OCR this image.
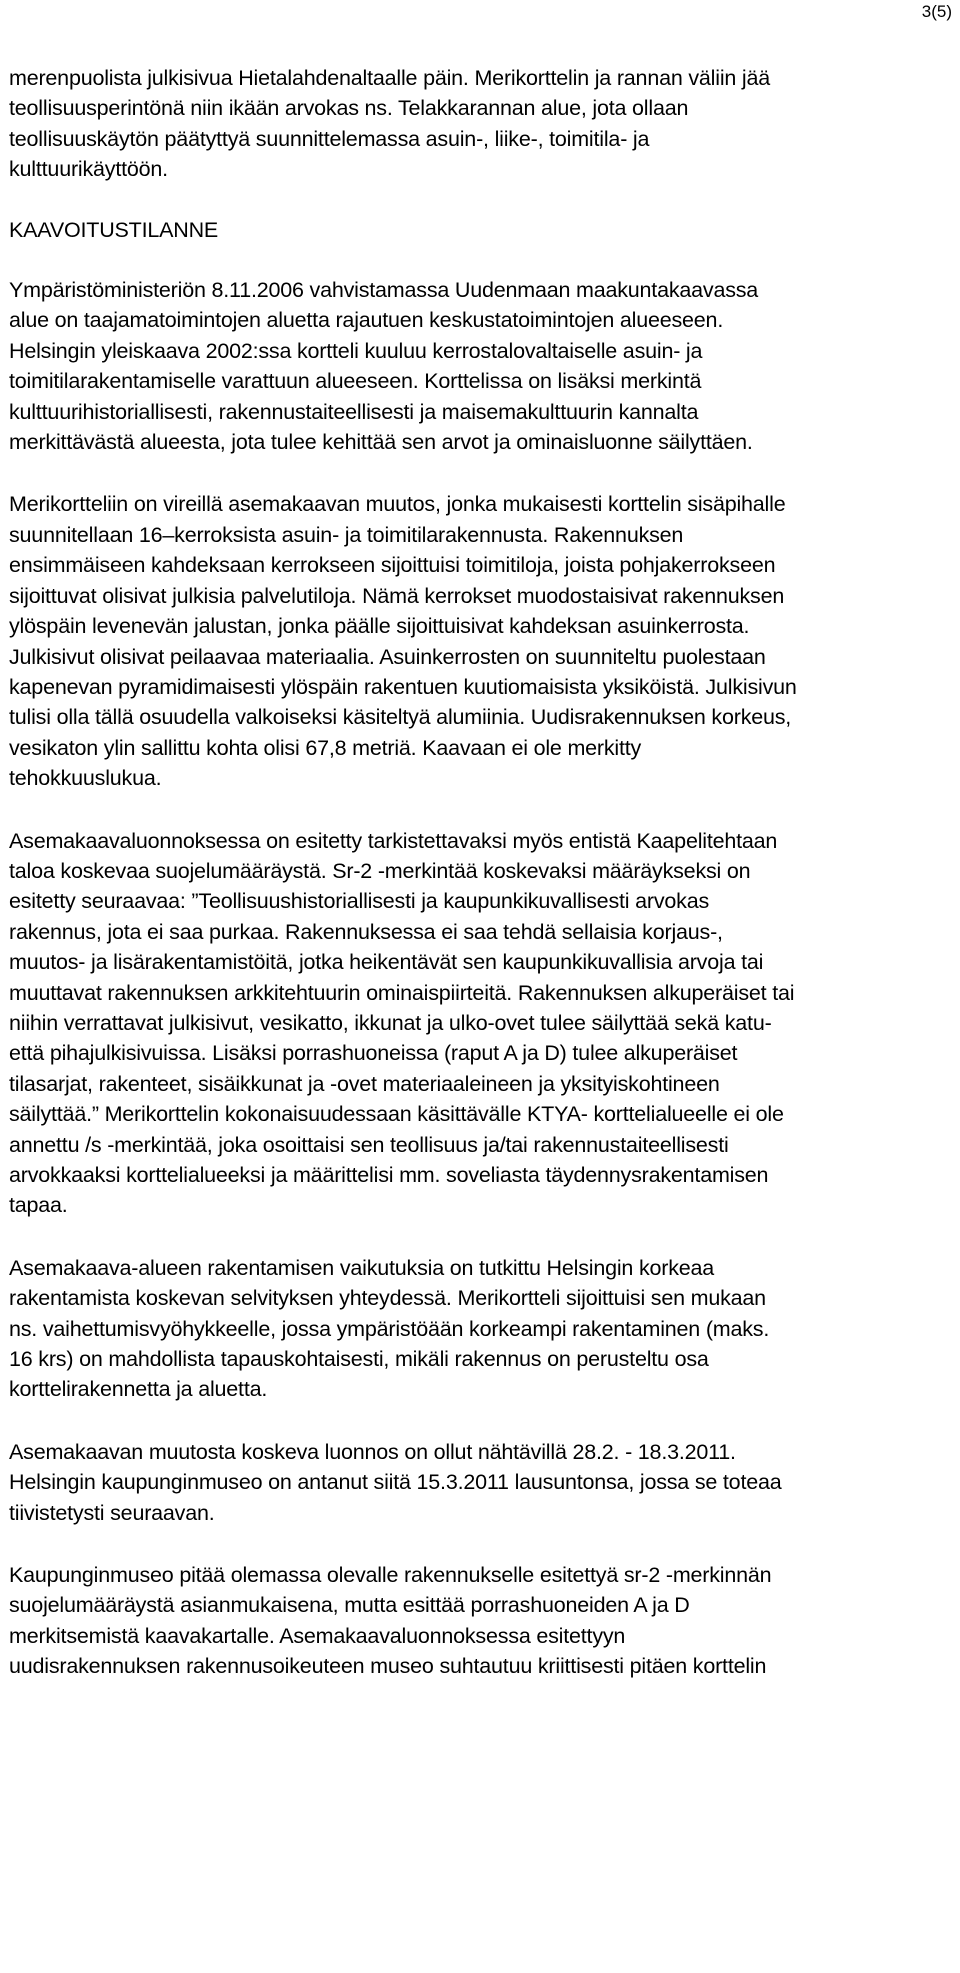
3(5)
merenpuolista julkisivua Hietalahdenaltaalle päin. Merikorttelin ja rannan väliin jää
teollisuusperintönä niin ikään arvokas ns. Telakkarannan alue, jota ollaan
teollisuuskäytön päätyttyä suunnittelemassa asuin-, liike-, toimitila- ja
kulttuurikäyttöön.
KAAVOITUSTILANNE
Ympäristöministeriön 8.11.2006 vahvistamassa Uudenmaan maakuntakaavassa
alue on taajamatoimintojen aluetta rajautuen keskustatoimintojen alueeseen.
Helsingin yleiskaava 2002:ssa kortteli kuuluu kerrostalovaltaiselle asuin- ja
toimitilarakentamiselle varattuun alueeseen. Korttelissa on lisäksi merkintä
kulttuurihistoriallisesti, rakennustaiteellisesti ja maisemakulttuurin kannalta
merkittävästä alueesta, jota tulee kehittää sen arvot ja ominaisluonne säilyttäen.
Merikortteliin on vireillä asemakaavan muutos, jonka mukaisesti korttelin sisäpihalle
suunnitellaan 16–kerroksista asuin- ja toimitilarakennusta. Rakennuksen
ensimmäiseen kahdeksaan kerrokseen sijoittuisi toimitiloja, joista pohjakerrokseen
sijoittuvat olisivat julkisia palvelutiloja. Nämä kerrokset muodostaisivat rakennuksen
ylöspäin levenevän jalustan, jonka päälle sijoittuisivat kahdeksan asuinkerrosta.
Julkisivut olisivat peilaavaa materiaalia. Asuinkerrosten on suunniteltu puolestaan
kapenevan pyramidimaisesti ylöspäin rakentuen kuutiomaisista yksiköistä. Julkisivun
tulisi olla tällä osuudella valkoiseksi käsiteltyä alumiinia. Uudisrakennuksen korkeus,
vesikaton ylin sallittu kohta olisi 67,8 metriä. Kaavaan ei ole merkitty
tehokkuuslukua.
Asemakaavaluonnoksessa on esitetty tarkistettavaksi myös entistä Kaapelitehtaan
taloa koskevaa suojelumääräystä. Sr-2 -merkintää koskevaksi määräykseksi on
esitetty seuraavaa: ”Teollisuushistoriallisesti ja kaupunkikuvallisesti arvokas
rakennus, jota ei saa purkaa. Rakennuksessa ei saa tehdä sellaisia korjaus-,
muutos- ja lisärakentamistöitä, jotka heikentävät sen kaupunkikuvallisia arvoja tai
muuttavat rakennuksen arkkitehtuurin ominaispiirteitä. Rakennuksen alkuperäiset tai
niihin verrattavat julkisivut, vesikatto, ikkunat ja ulko-ovet tulee säilyttää sekä katu-
että pihajulkisivuissa. Lisäksi porrashuoneissa (raput A ja D) tulee alkuperäiset
tilasarjat, rakenteet, sisäikkunat ja -ovet materiaaleineen ja yksityiskohtineen
säilyttää.” Merikorttelin kokonaisuudessaan käsittävälle KTYA- korttelialueelle ei ole
annettu /s -merkintää, joka osoittaisi sen teollisuus ja/tai rakennustaiteellisesti
arvokkaaksi korttelialueeksi ja määrittelisi mm. soveliasta täydennysrakentamisen
tapaa.
Asemakaava-alueen rakentamisen vaikutuksia on tutkittu Helsingin korkeaa
rakentamista koskevan selvityksen yhteydessä. Merikortteli sijoittuisi sen mukaan
ns. vaihettumisvyöhykkeelle, jossa ympäristöään korkeampi rakentaminen (maks.
16 krs) on mahdollista tapauskohtaisesti, mikäli rakennus on perusteltu osa
korttelirakennetta ja aluetta.
Asemakaavan muutosta koskeva luonnos on ollut nähtävillä 28.2. - 18.3.2011.
Helsingin kaupunginmuseo on antanut siitä 15.3.2011 lausuntonsa, jossa se toteaa
tiivistetysti seuraavan.
Kaupunginmuseo pitää olemassa olevalle rakennukselle esitettyä sr-2 -merkinnän
suojelumääräystä asianmukaisena, mutta esittää porrashuoneiden A ja D
merkitsemistä kaavakartalle. Asemakaavaluonnoksessa esitettyyn
uudisrakennuksen rakennusoikeuteen museo suhtautuu kriittisesti pitäen korttelin
